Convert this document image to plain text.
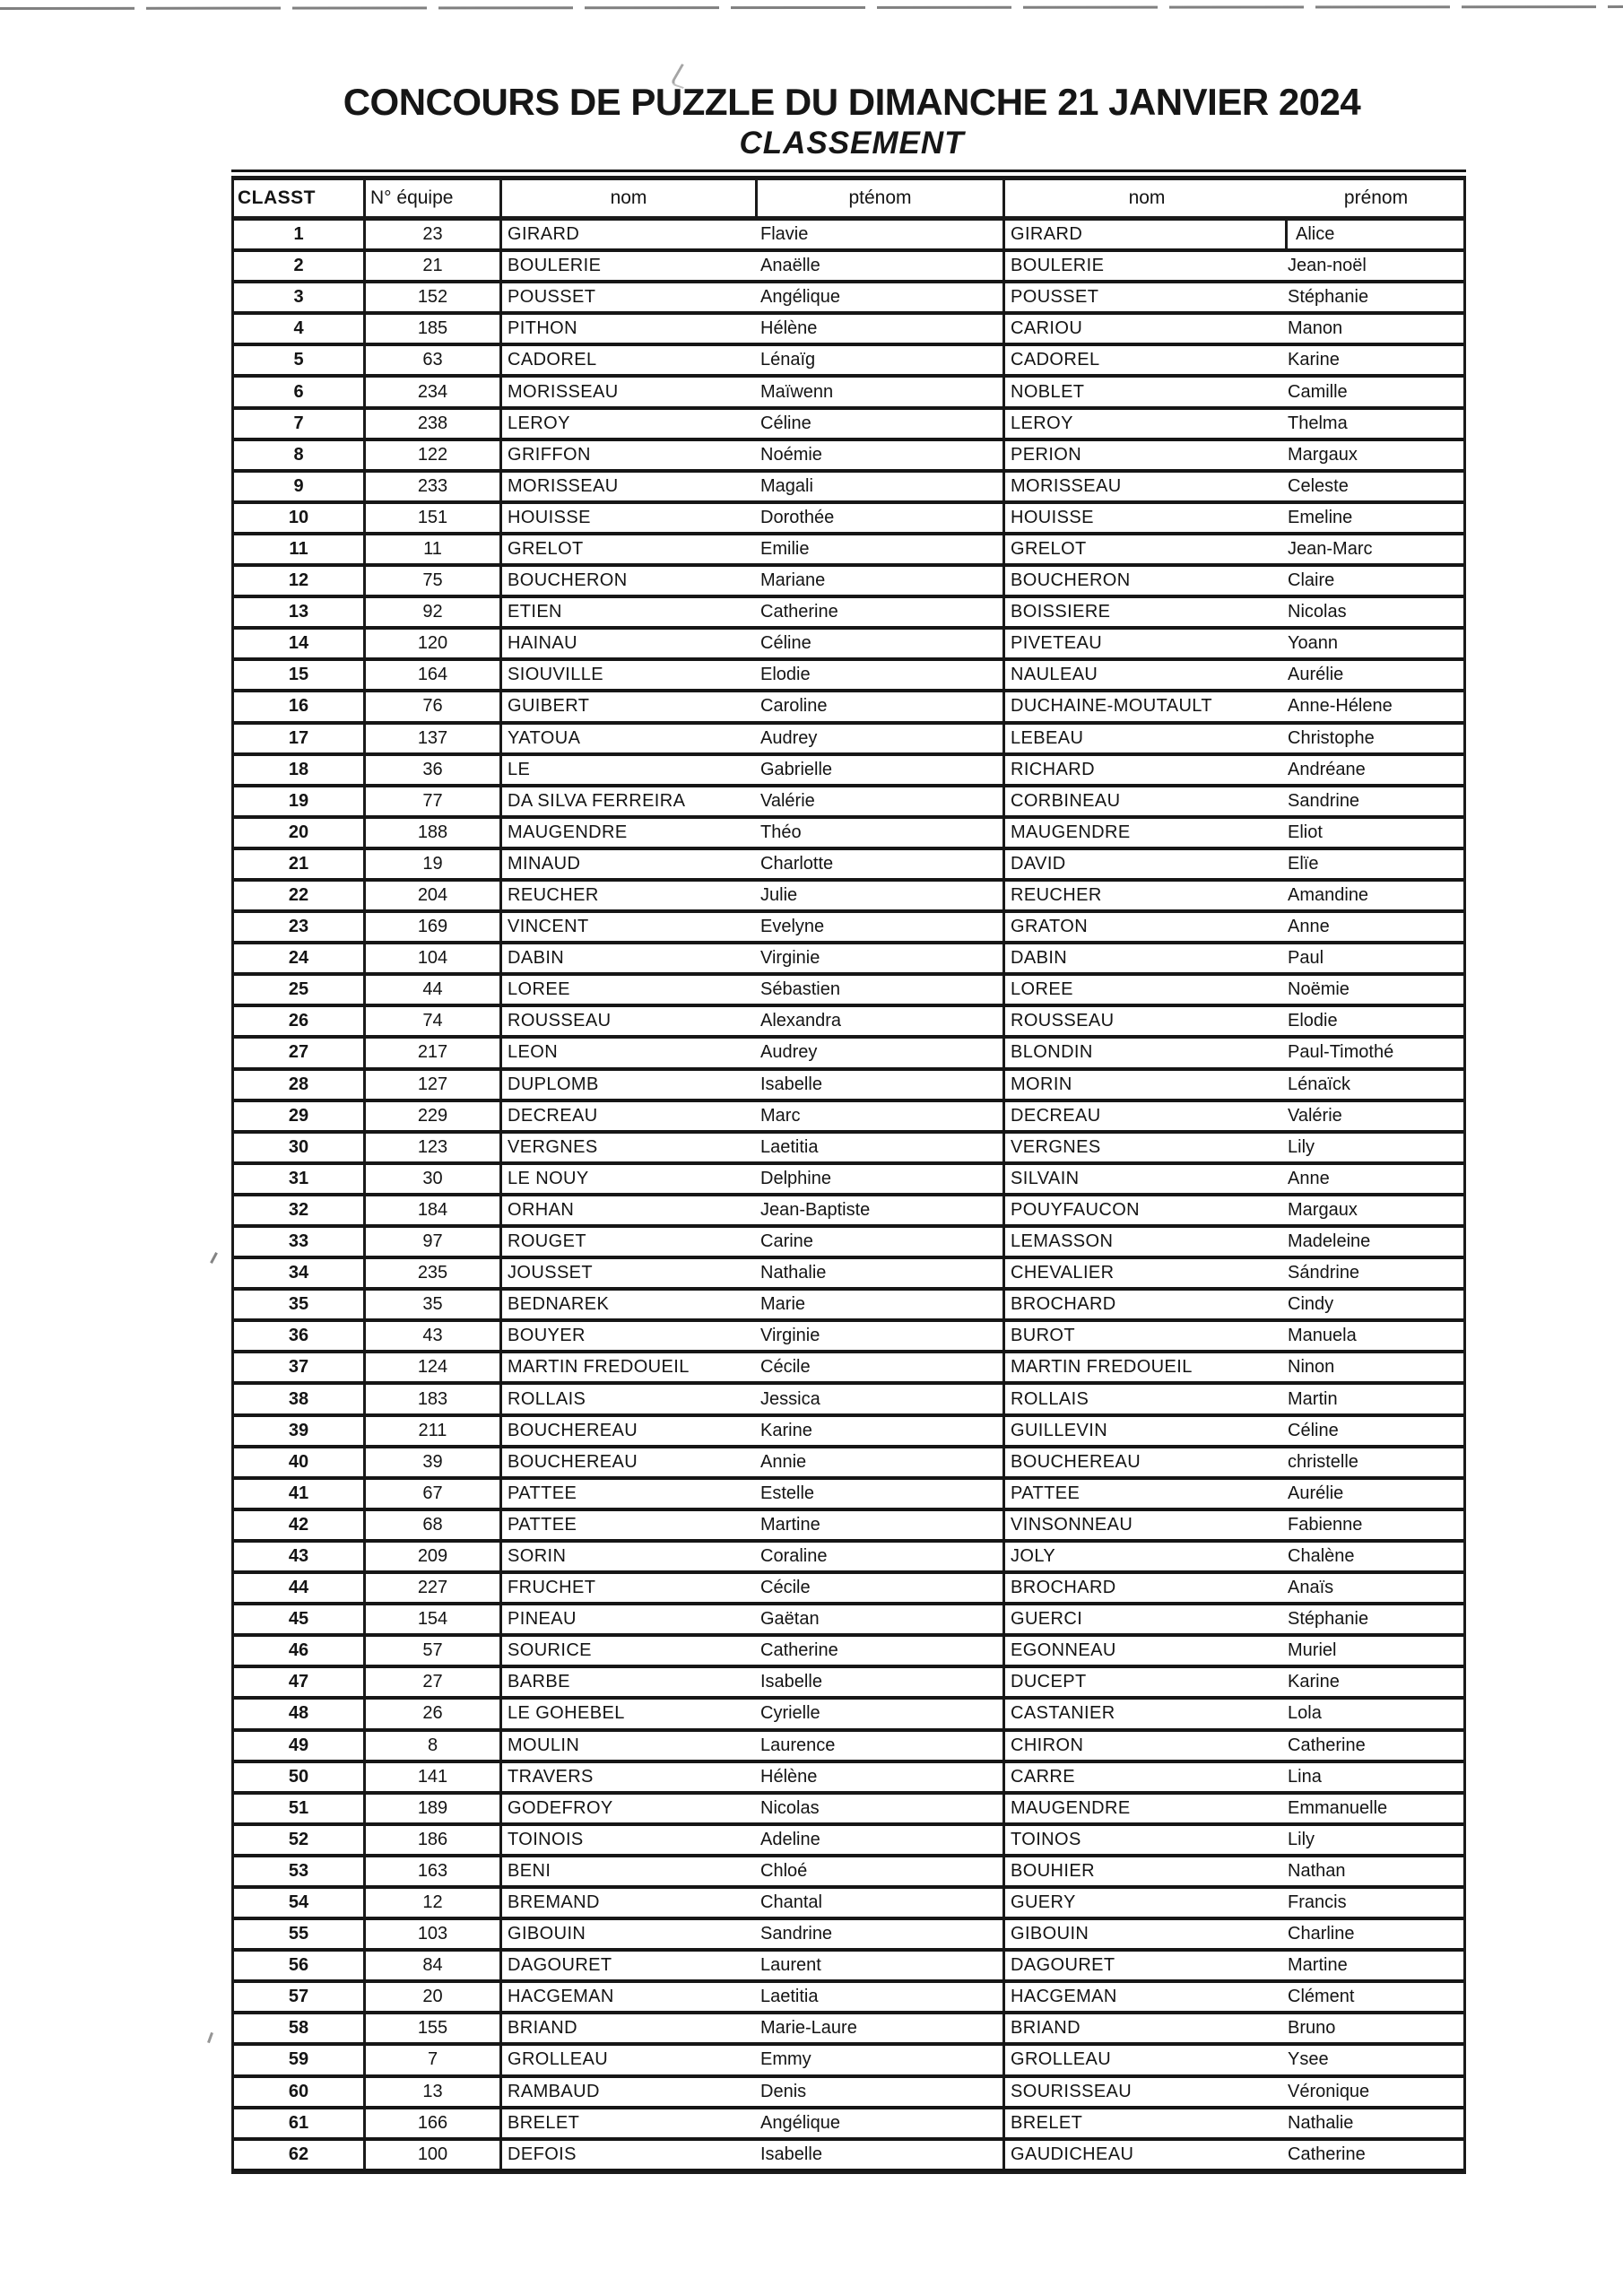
CONCOURS DE PUZZLE DU DIMANCHE 21 JANVIER 2024
CLASSEMENT
CLASST	N° équipe	nom	pténom	nom	prénom
1	23	GIRARD	Flavie	GIRARD	Alice
2	21	BOULERIE	Anaëlle	BOULERIE	Jean-noël
3	152	POUSSET	Angélique	POUSSET	Stéphanie
4	185	PITHON	Hélène	CARIOU	Manon
5	63	CADOREL	Lénaïg	CADOREL	Karine
6	234	MORISSEAU	Maïwenn	NOBLET	Camille
7	238	LEROY	Céline	LEROY	Thelma
8	122	GRIFFON	Noémie	PERION	Margaux
9	233	MORISSEAU	Magali	MORISSEAU	Celeste
10	151	HOUISSE	Dorothée	HOUISSE	Emeline
11	11	GRELOT	Emilie	GRELOT	Jean-Marc
12	75	BOUCHERON	Mariane	BOUCHERON	Claire
13	92	ETIEN	Catherine	BOISSIERE	Nicolas
14	120	HAINAU	Céline	PIVETEAU	Yoann
15	164	SIOUVILLE	Elodie	NAULEAU	Aurélie
16	76	GUIBERT	Caroline	DUCHAINE-MOUTAULT	Anne-Hélene
17	137	YATOUA	Audrey	LEBEAU	Christophe
18	36	LE	Gabrielle	RICHARD	Andréane
19	77	DA SILVA FERREIRA	Valérie	CORBINEAU	Sandrine
20	188	MAUGENDRE	Théo	MAUGENDRE	Eliot
21	19	MINAUD	Charlotte	DAVID	Elïe
22	204	REUCHER	Julie	REUCHER	Amandine
23	169	VINCENT	Evelyne	GRATON	Anne
24	104	DABIN	Virginie	DABIN	Paul
25	44	LOREE	Sébastien	LOREE	Noëmie
26	74	ROUSSEAU	Alexandra	ROUSSEAU	Elodie
27	217	LEON	Audrey	BLONDIN	Paul-Timothé
28	127	DUPLOMB	Isabelle	MORIN	Lénaïck
29	229	DECREAU	Marc	DECREAU	Valérie
30	123	VERGNES	Laetitia	VERGNES	Lily
31	30	LE NOUY	Delphine	SILVAIN	Anne
32	184	ORHAN	Jean-Baptiste	POUYFAUCON	Margaux
33	97	ROUGET	Carine	LEMASSON	Madeleine
34	235	JOUSSET	Nathalie	CHEVALIER	Sándrine
35	35	BEDNAREK	Marie	BROCHARD	Cindy
36	43	BOUYER	Virginie	BUROT	Manuela
37	124	MARTIN FREDOUEIL	Cécile	MARTIN FREDOUEIL	Ninon
38	183	ROLLAIS	Jessica	ROLLAIS	Martin
39	211	BOUCHEREAU	Karine	GUILLEVIN	Céline
40	39	BOUCHEREAU	Annie	BOUCHEREAU	christelle
41	67	PATTEE	Estelle	PATTEE	Aurélie
42	68	PATTEE	Martine	VINSONNEAU	Fabienne
43	209	SORIN	Coraline	JOLY	Chalène
44	227	FRUCHET	Cécile	BROCHARD	Anaïs
45	154	PINEAU	Gaëtan	GUERCI	Stéphanie
46	57	SOURICE	Catherine	EGONNEAU	Muriel
47	27	BARBE	Isabelle	DUCEPT	Karine
48	26	LE GOHEBEL	Cyrielle	CASTANIER	Lola
49	8	MOULIN	Laurence	CHIRON	Catherine
50	141	TRAVERS	Hélène	CARRE	Lina
51	189	GODEFROY	Nicolas	MAUGENDRE	Emmanuelle
52	186	TOINOIS	Adeline	TOINOS	Lily
53	163	BENI	Chloé	BOUHIER	Nathan
54	12	BREMAND	Chantal	GUERY	Francis
55	103	GIBOUIN	Sandrine	GIBOUIN	Charline
56	84	DAGOURET	Laurent	DAGOURET	Martine
57	20	HACGEMAN	Laetitia	HACGEMAN	Clément
58	155	BRIAND	Marie-Laure	BRIAND	Bruno
59	7	GROLLEAU	Emmy	GROLLEAU	Ysee
60	13	RAMBAUD	Denis	SOURISSEAU	Véronique
61	166	BRELET	Angélique	BRELET	Nathalie
62	100	DEFOIS	Isabelle	GAUDICHEAU	Catherine
